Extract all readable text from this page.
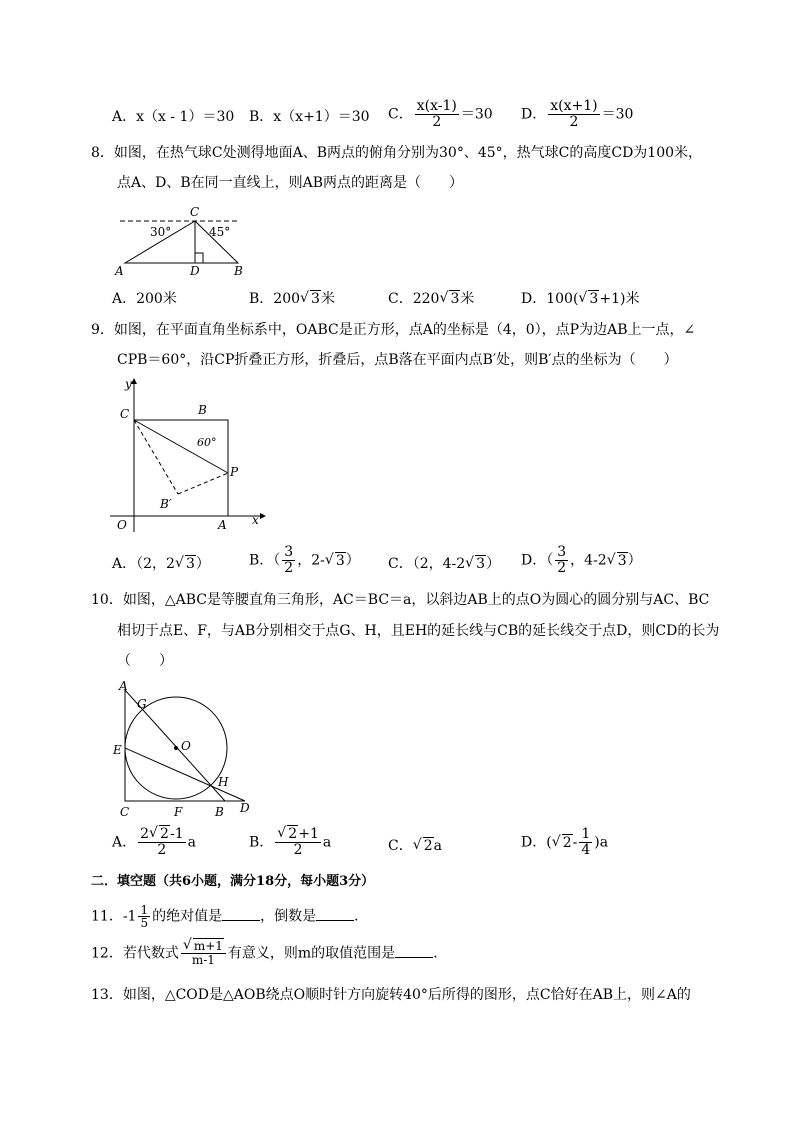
A．x（x - 1）＝30 B．x（x+1）＝30 C． $\frac{x(x-1)}{2} =30$ D． $\frac{x(x+1)}{2} =30$
8．如图，在热气球C处测得地面A、B两点的俯角分别为30°、45°，热气球C的高度CD为100米，
点A、D、B在同一直线上，则AB两点的距离是（　　）
C
30°	45°
A	D	B
A．200米	B．200 √ 3米	C．220 √ 3米	D．100( √ 3+1)米
9．如图，在平面直角坐标系中，OABC是正方形，点A的坐标是（4，0），点P为边AB上一点，∠
CPB＝60°，沿CP折叠正方形，折叠后，点B落在平面内点B′处，则B′点的坐标为（　　）
B
C
y
60°
P
B′
O	A x
A．（2，2 √ 3）	B．（ $\frac{3}{2}$ ，2- √ 3） C．（2，4-2 √ 3） D．（ $\frac{3}{2}$ ，4-2 √ 3）
10．如图，△ABC是等腰直角三角形，AC＝BC＝a，以斜边AB上的点O为圆心的圆分别与AC、BC
相切于点E、F，与AB分别相交于点G、H，且EH的延长线与CB的延长线交于点D，则CD的长为
（　　）
A
G
E	O
H
C	F	B D
A． $\frac{2 √ 2-1}{2}$ a	B． $\frac{√ 2+1}{2}$ a	C． √ 2a	D．( √ $2- \frac{1}{4} )a$
二．填空题（共6小题，满分18分，每小题3分）
11．$-1 \frac{1}{5}$ 的绝对值是	，倒数是	．
12．若代数式 $\frac{√ m+1}{m-1}$ 有意义，则m的取值范围是	．
13．如图，△COD是△AOB绕点O顺时针方向旋转40°后所得的图形，点C恰好在AB上，则∠A的
